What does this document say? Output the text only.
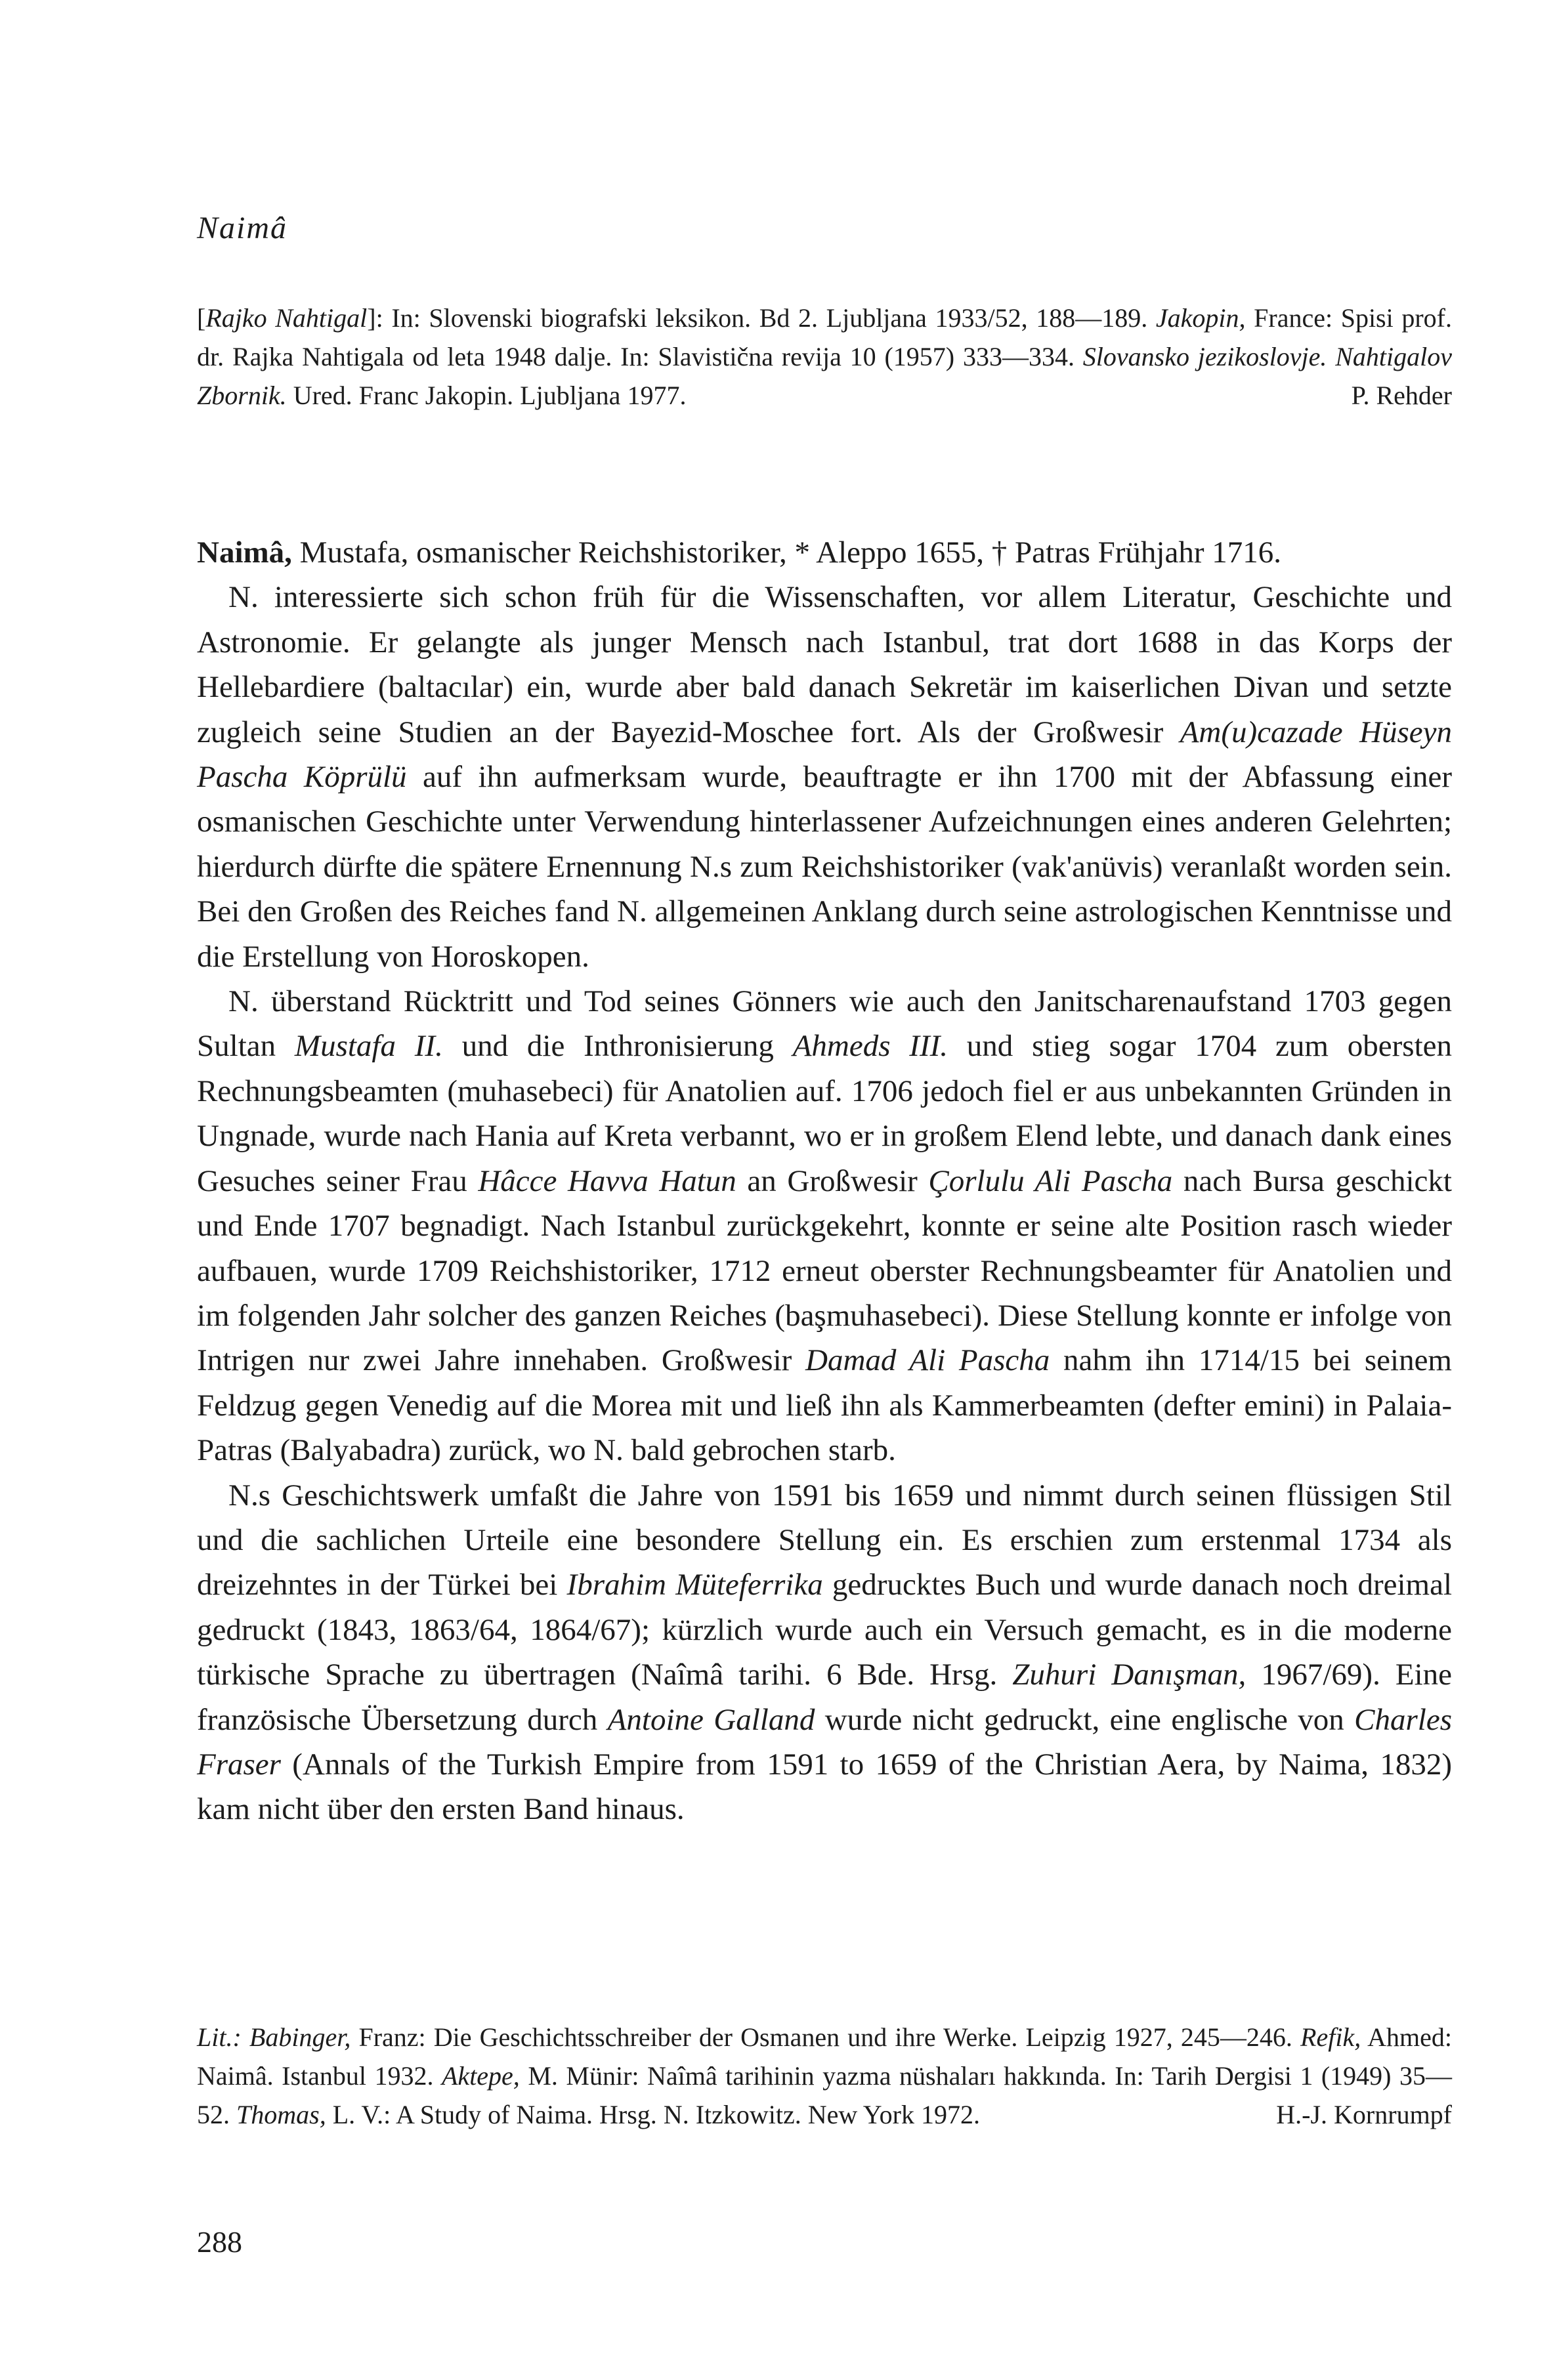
Naimâ

[Rajko Nahtigal]: In: Slovenski biografski leksikon. Bd 2. Ljubljana 1933/52, 188—189. Jakopin, France: Spisi prof. dr. Rajka Nahtigala od leta 1948 dalje. In: Slavistična revija 10 (1957) 333—334. Slovansko jezikoslovje. Nahtigalov Zbornik. Ured. Franc Jakopin. Ljubljana 1977.	P. Rehder

Naimâ, Mustafa, osmanischer Reichshistoriker, * Aleppo 1655, † Patras Frühjahr 1716.

N. interessierte sich schon früh für die Wissenschaften, vor allem Literatur, Geschichte und Astronomie. Er gelangte als junger Mensch nach Istanbul, trat dort 1688 in das Korps der Hellebardiere (baltacılar) ein, wurde aber bald danach Sekretär im kaiserlichen Divan und setzte zugleich seine Studien an der Bayezid-Moschee fort. Als der Großwesir Am(u)cazade Hüseyn Pascha Köprülü auf ihn aufmerksam wurde, beauftragte er ihn 1700 mit der Abfassung einer osmanischen Geschichte unter Verwendung hinterlassener Aufzeichnungen eines anderen Gelehrten; hierdurch dürfte die spätere Ernennung N.s zum Reichshistoriker (vak'anüvis) veranlaßt worden sein. Bei den Großen des Reiches fand N. allgemeinen Anklang durch seine astrologischen Kenntnisse und die Erstellung von Horoskopen.

N. überstand Rücktritt und Tod seines Gönners wie auch den Janitscharenaufstand 1703 gegen Sultan Mustafa II. und die Inthronisierung Ahmeds III. und stieg sogar 1704 zum obersten Rechnungsbeamten (muhasebeci) für Anatolien auf. 1706 jedoch fiel er aus unbekannten Gründen in Ungnade, wurde nach Hania auf Kreta verbannt, wo er in großem Elend lebte, und danach dank eines Gesuches seiner Frau Hâcce Havva Hatun an Großwesir Çorlulu Ali Pascha nach Bursa geschickt und Ende 1707 begnadigt. Nach Istanbul zurückgekehrt, konnte er seine alte Position rasch wieder aufbauen, wurde 1709 Reichshistoriker, 1712 erneut oberster Rechnungsbeamter für Anatolien und im folgenden Jahr solcher des ganzen Reiches (başmuhasebeci). Diese Stellung konnte er infolge von Intrigen nur zwei Jahre innehaben. Großwesir Damad Ali Pascha nahm ihn 1714/15 bei seinem Feldzug gegen Venedig auf die Morea mit und ließ ihn als Kammerbeamten (defter emini) in Palaia-Patras (Balyabadra) zurück, wo N. bald gebrochen starb.

N.s Geschichtswerk umfaßt die Jahre von 1591 bis 1659 und nimmt durch seinen flüssigen Stil und die sachlichen Urteile eine besondere Stellung ein. Es erschien zum erstenmal 1734 als dreizehntes in der Türkei bei Ibrahim Müteferrika gedrucktes Buch und wurde danach noch dreimal gedruckt (1843, 1863/64, 1864/67); kürzlich wurde auch ein Versuch gemacht, es in die moderne türkische Sprache zu übertragen (Naîmâ tarihi. 6 Bde. Hrsg. Zuhuri Danışman, 1967/69). Eine französische Übersetzung durch Antoine Galland wurde nicht gedruckt, eine englische von Charles Fraser (Annals of the Turkish Empire from 1591 to 1659 of the Christian Aera, by Naima, 1832) kam nicht über den ersten Band hinaus.

Lit.: Babinger, Franz: Die Geschichtsschreiber der Osmanen und ihre Werke. Leipzig 1927, 245—246. Refik, Ahmed: Naimâ. Istanbul 1932. Aktepe, M. Münir: Naîmâ tarihinin yazma nüshaları hakkında. In: Tarih Dergisi 1 (1949) 35—52. Thomas, L. V.: A Study of Naima. Hrsg. N. Itzkowitz. New York 1972.	H.-J. Kornrumpf

288
